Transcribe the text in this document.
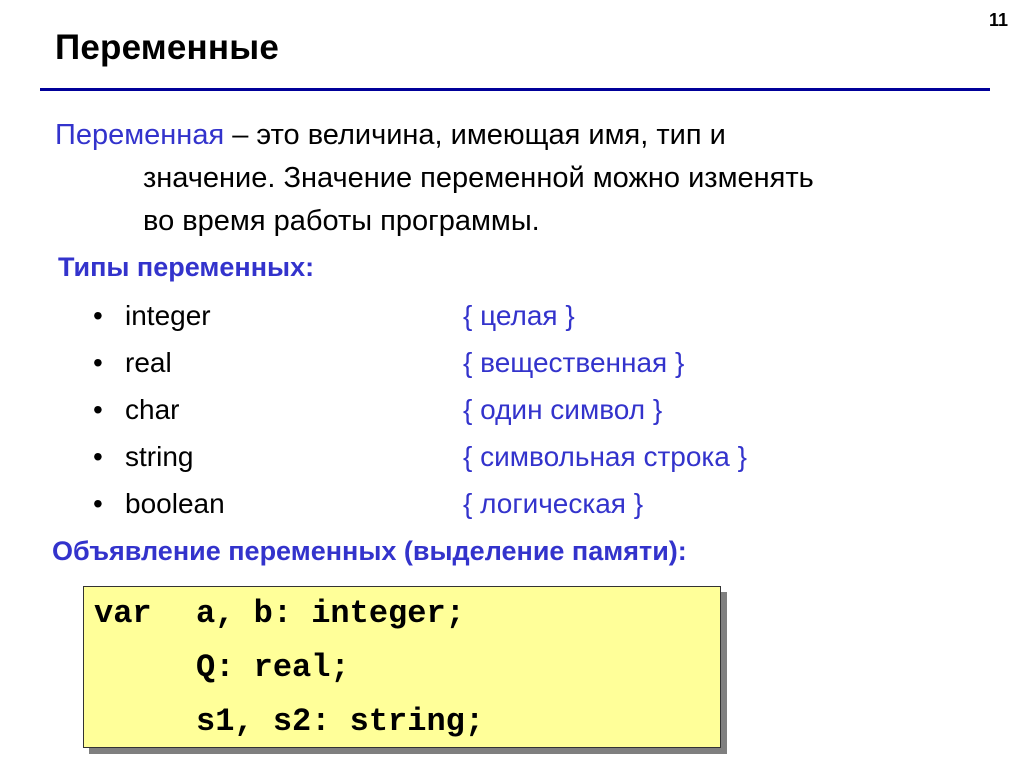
11
Переменные
Переменная – это величина, имеющая имя, тип и
значение. Значение переменной можно изменять
во время работы программы.
Типы переменных:
• integer	{ целая }
• real	{ вещественная }
• char	{ один символ }
• string	{ символьная строка }
• boolean	{ логическая }
Объявление переменных (выделение памяти):
var a, b: integer;
Q: real;
s1, s2: string;
